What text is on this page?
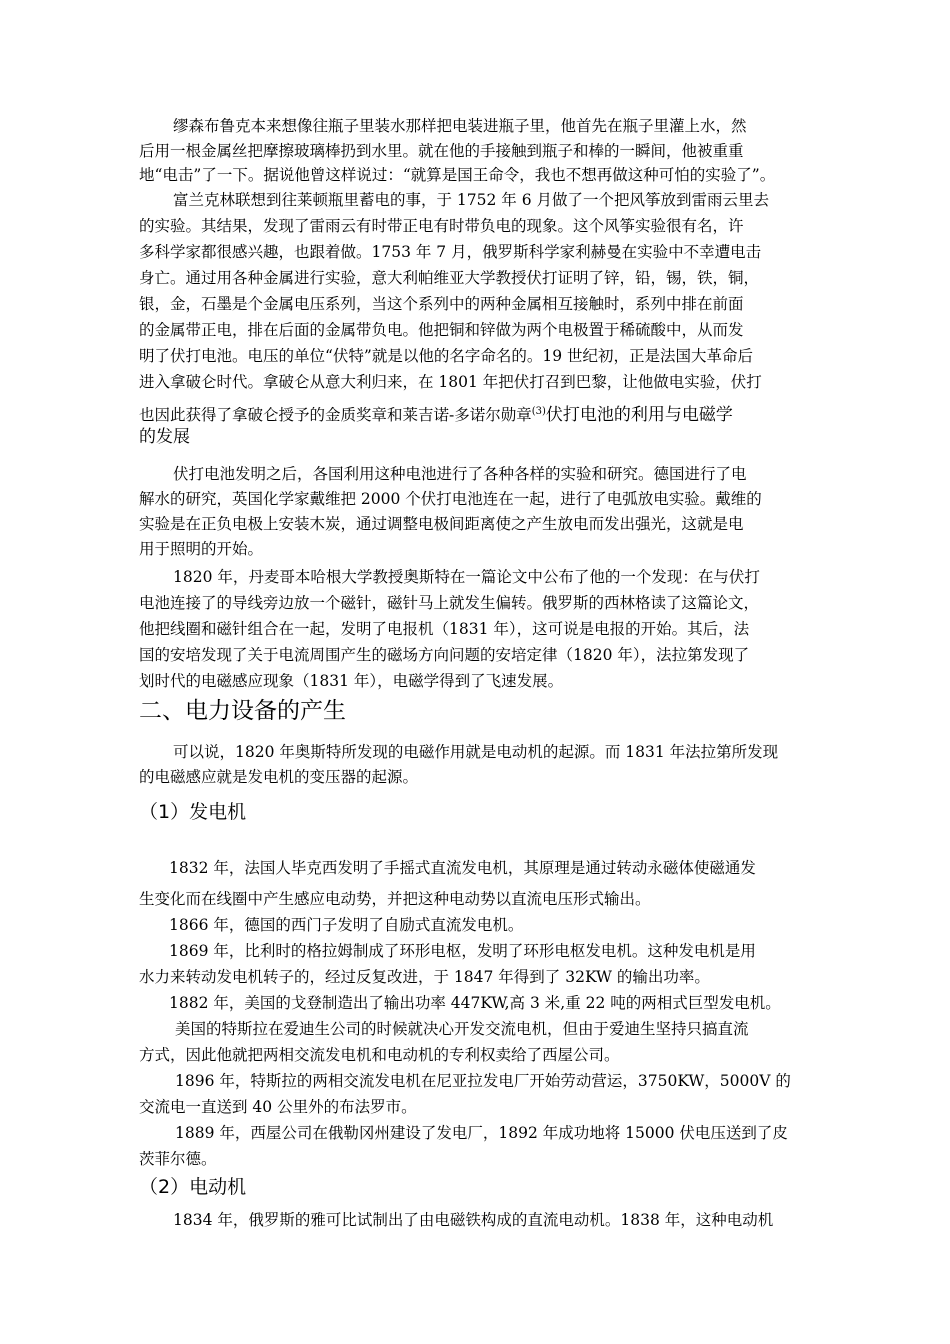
缪森布鲁克本来想像往瓶子里装水那样把电装进瓶子里，他首先在瓶子里灌上水，然
后用一根金属丝把摩擦玻璃棒扔到水里。就在他的手接触到瓶子和棒的一瞬间，他被重重
地“电击”了一下。据说他曾这样说过：“就算是国王命令，我也不想再做这种可怕的实验了”。
富兰克林联想到往莱顿瓶里蓄电的事，于 1752 年 6 月做了一个把风筝放到雷雨云里去
的实验。其结果，发现了雷雨云有时带正电有时带负电的现象。这个风筝实验很有名，许
多科学家都很感兴趣，也跟着做。1753 年 7 月，俄罗斯科学家利赫曼在实验中不幸遭电击
身亡。通过用各种金属进行实验，意大利帕维亚大学教授伏打证明了锌，铅，锡，铁，铜，
银，金，石墨是个金属电压系列，当这个系列中的两种金属相互接触时，系列中排在前面
的金属带正电，排在后面的金属带负电。他把铜和锌做为两个电极置于稀硫酸中，从而发
明了伏打电池。电压的单位“伏特”就是以他的名字命名的。19 世纪初，正是法国大革命后
进入拿破仑时代。拿破仑从意大利归来，在 1801 年把伏打召到巴黎，让他做电实验，伏打
也因此获得了拿破仑授予的金质奖章和莱吉诺-多诺尔勋章$^{(3)}$伏打电池的利用与电磁学
的发展
伏打电池发明之后，各国利用这种电池进行了各种各样的实验和研究。德国进行了电
解水的研究，英国化学家戴维把 2000 个伏打电池连在一起，进行了电弧放电实验。戴维的
实验是在正负电极上安装木炭，通过调整电极间距离使之产生放电而发出强光，这就是电
用于照明的开始。
1820 年，丹麦哥本哈根大学教授奥斯特在一篇论文中公布了他的一个发现：在与伏打
电池连接了的导线旁边放一个磁针，磁针马上就发生偏转。俄罗斯的西林格读了这篇论文，
他把线圈和磁针组合在一起，发明了电报机（1831 年），这可说是电报的开始。其后，法
国的安培发现了关于电流周围产生的磁场方向问题的安培定律（1820 年），法拉第发现了
划时代的电磁感应现象（1831 年），电磁学得到了飞速发展。
二、电力设备的产生
可以说，1820 年奥斯特所发现的电磁作用就是电动机的起源。而 1831 年法拉第所发现
的电磁感应就是发电机的变压器的起源。
（1）发电机
1832 年，法国人毕克西发明了手摇式直流发电机，其原理是通过转动永磁体使磁通发
生变化而在线圈中产生感应电动势，并把这种电动势以直流电压形式输出。
1866 年，德国的西门子发明了自励式直流发电机。
1869 年，比利时的格拉姆制成了环形电枢，发明了环形电枢发电机。这种发电机是用
水力来转动发电机转子的，经过反复改进，于 1847 年得到了 32KW 的输出功率。
1882 年，美国的戈登制造出了输出功率 447KW,高 3 米,重 22 吨的两相式巨型发电机。
美国的特斯拉在爱迪生公司的时候就决心开发交流电机，但由于爱迪生坚持只搞直流
方式，因此他就把两相交流发电机和电动机的专利权卖给了西屋公司。
1896 年，特斯拉的两相交流发电机在尼亚拉发电厂开始劳动营运，3750KW，5000V 的
交流电一直送到 40 公里外的布法罗市。
1889 年，西屋公司在俄勒冈州建设了发电厂，1892 年成功地将 15000 伏电压送到了皮
茨菲尔德。
（2）电动机
1834 年，俄罗斯的雅可比试制出了由电磁铁构成的直流电动机。1838 年，这种电动机
